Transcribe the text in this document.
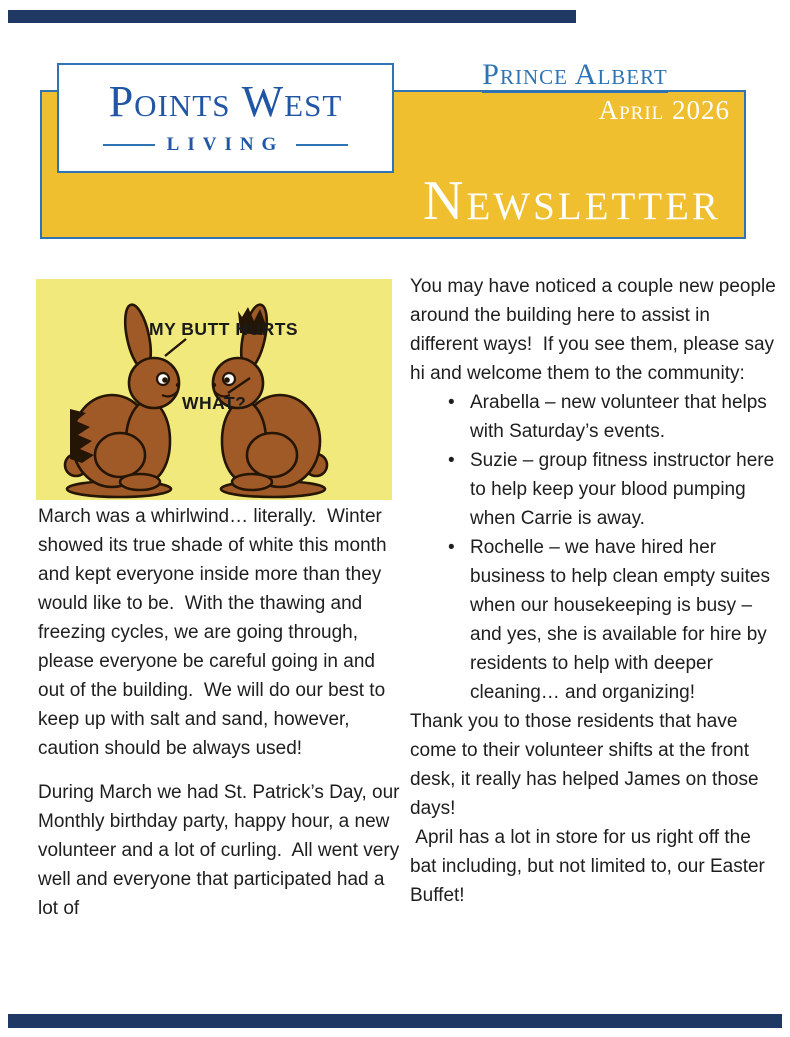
Points West
LIVING
Prince Albert
April 2026
Newsletter
MY BUTT HURTS
WHAT?

March was a whirlwind… literally.  Winter showed its true shade of white this month and kept everyone inside more than they would like to be.  With the thawing and freezing cycles, we are going through, please everyone be careful going in and out of the building.  We will do our best to keep up with salt and sand, however, caution should be always used!

During March we had St. Patrick’s Day, our Monthly birthday party, happy hour, a new volunteer and a lot of curling.  All went very well and everyone that participated had a lot of

You may have noticed a couple new people around the building here to assist in different ways!  If you see them, please say hi and welcome them to the community:

• Arabella – new volunteer that helps with Saturday’s events.
• Suzie – group fitness instructor here to help keep your blood pumping when Carrie is away.
• Rochelle – we have hired her business to help clean empty suites when our housekeeping is busy – and yes, she is available for hire by residents to help with deeper cleaning… and organizing!

Thank you to those residents that have come to their volunteer shifts at the front desk, it really has helped James on those days!

April has a lot in store for us right off the bat including, but not limited to, our Easter Buffet!
